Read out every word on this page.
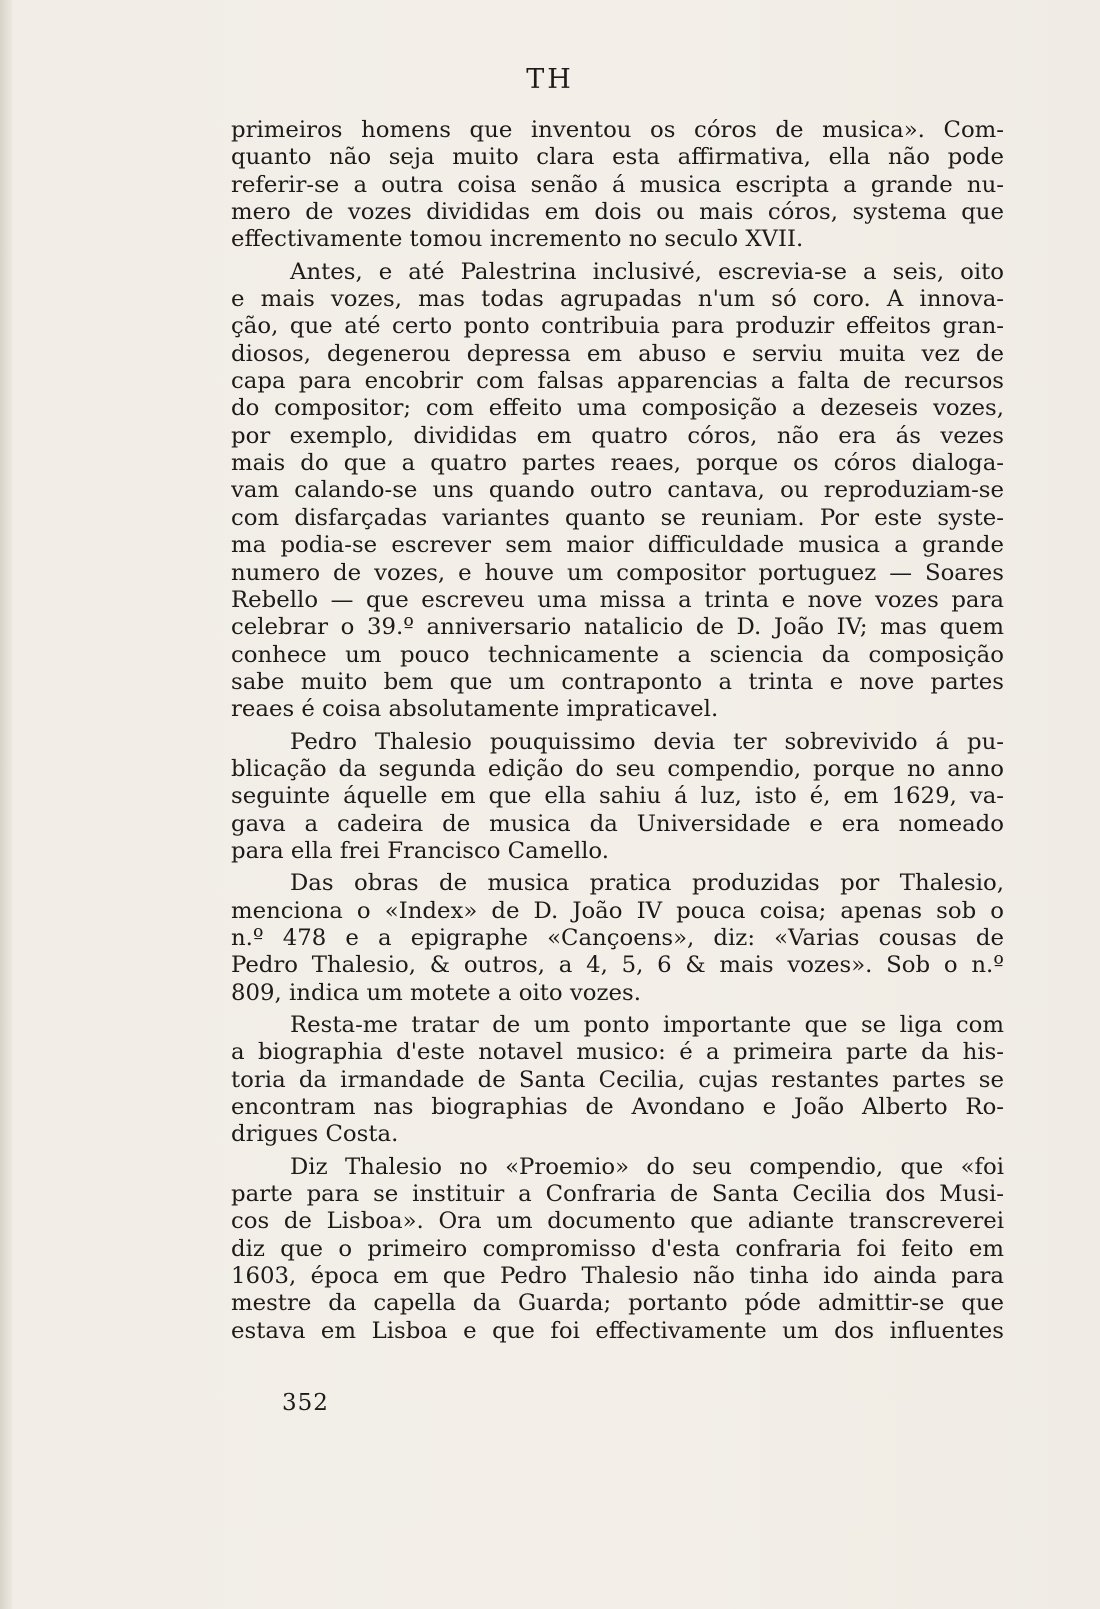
TH
primeiros homens que inventou os córos de musica». Com-
quanto não seja muito clara esta affirmativa, ella não pode
referir-se a outra coisa senão á musica escripta a grande nu-
mero de vozes divididas em dois ou mais córos, systema que
effectivamente tomou incremento no seculo XVII.
Antes, e até Palestrina inclusivé, escrevia-se a seis, oito
e mais vozes, mas todas agrupadas n'um só coro. A innova-
ção, que até certo ponto contribuia para produzir effeitos gran-
diosos, degenerou depressa em abuso e serviu muita vez de
capa para encobrir com falsas apparencias a falta de recursos
do compositor; com effeito uma composição a dezeseis vozes,
por exemplo, divididas em quatro córos, não era ás vezes
mais do que a quatro partes reaes, porque os córos dialoga-
vam calando-se uns quando outro cantava, ou reproduziam-se
com disfarçadas variantes quanto se reuniam. Por este syste-
ma podia-se escrever sem maior difficuldade musica a grande
numero de vozes, e houve um compositor portuguez — Soares
Rebello — que escreveu uma missa a trinta e nove vozes para
celebrar o 39.º anniversario natalicio de D. João IV; mas quem
conhece um pouco technicamente a sciencia da composição
sabe muito bem que um contraponto a trinta e nove partes
reaes é coisa absolutamente impraticavel.
Pedro Thalesio pouquissimo devia ter sobrevivido á pu-
blicação da segunda edição do seu compendio, porque no anno
seguinte áquelle em que ella sahiu á luz, isto é, em 1629, va-
gava a cadeira de musica da Universidade e era nomeado
para ella frei Francisco Camello.
Das obras de musica pratica produzidas por Thalesio,
menciona o «Index» de D. João IV pouca coisa; apenas sob o
n.º 478 e a epigraphe «Cançoens», diz: «Varias cousas de
Pedro Thalesio, & outros, a 4, 5, 6 & mais vozes». Sob o n.º
809, indica um motete a oito vozes.
Resta-me tratar de um ponto importante que se liga com
a biographia d'este notavel musico: é a primeira parte da his-
toria da irmandade de Santa Cecilia, cujas restantes partes se
encontram nas biographias de Avondano e João Alberto Ro-
drigues Costa.
Diz Thalesio no «Proemio» do seu compendio, que «foi
parte para se instituir a Confraria de Santa Cecilia dos Musi-
cos de Lisboa». Ora um documento que adiante transcreverei
diz que o primeiro compromisso d'esta confraria foi feito em
1603, época em que Pedro Thalesio não tinha ido ainda para
mestre da capella da Guarda; portanto póde admittir-se que
estava em Lisboa e que foi effectivamente um dos influentes
352
